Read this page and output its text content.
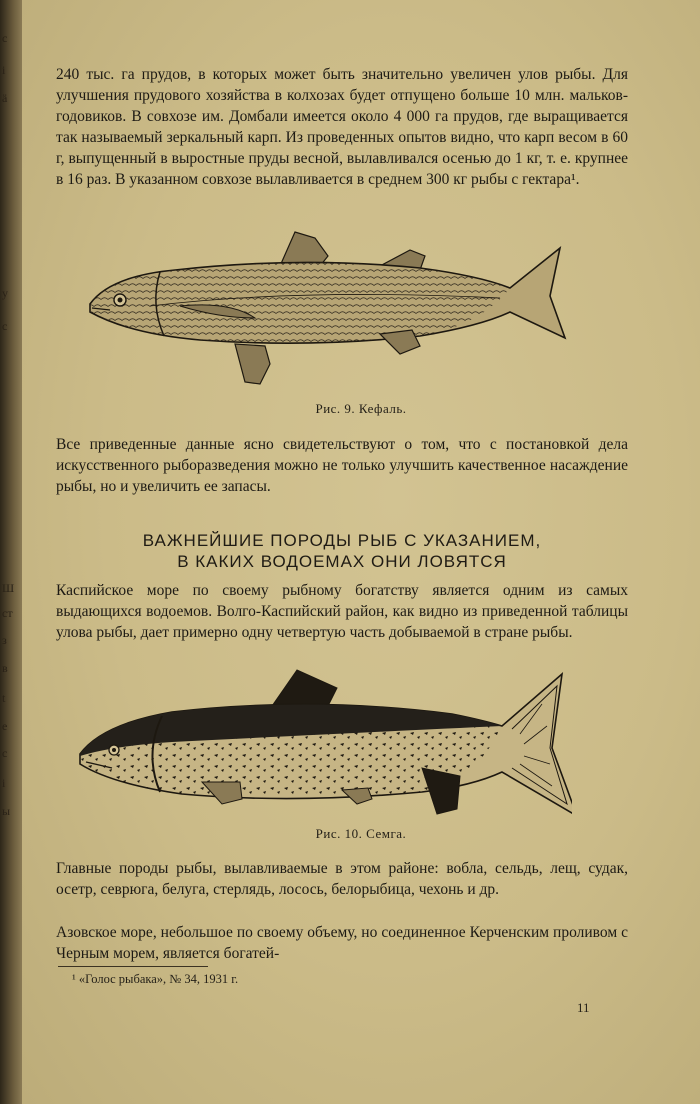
с
i
ä
у
с
Ш
ст
з
в
t
е
с
і
ы
240 тыс. га прудов, в которых может быть значительно увеличен улов рыбы. Для улучшения прудового хозяйства в колхозах будет отпущено больше 10 млн. мальков-годовиков. В совхозе им. Домбали имеется около 4 000 га прудов, где выращивается так называемый зеркальный карп. Из проведенных опытов видно, что карп весом в 60 г, выпущенный в выростные пруды весной, вылавливался осенью до 1 кг, т. е. крупнее в 16 раз. В указанном совхозе вылавливается в среднем 300 кг рыбы с гектара¹.
Рис. 9. Кефаль.
Все приведенные данные ясно свидетельствуют о том, что с постановкой дела искусственного рыборазведения можно не только улучшить качественное насаждение рыбы, но и увеличить ее запасы.
ВАЖНЕЙШИЕ ПОРОДЫ РЫБ С УКАЗАНИЕМ,
В КАКИХ ВОДОЕМАХ ОНИ ЛОВЯТСЯ
Каспийское море по своему рыбному богатству является одним из самых выдающихся водоемов. Волго-Каспийский район, как видно из приведенной таблицы улова рыбы, дает примерно одну четвертую часть добываемой в стране рыбы.
Рис. 10. Семга.
Главные породы рыбы, вылавливаемые в этом районе: вобла, сельдь, лещ, судак, осетр, севрюга, белуга, стерлядь, лосось, белорыбица, чехонь и др.
Азовское море, небольшое по своему объему, но соединенное Керченским проливом с Черным морем, является богатей-
¹ «Голос рыбака», № 34, 1931 г.
11
